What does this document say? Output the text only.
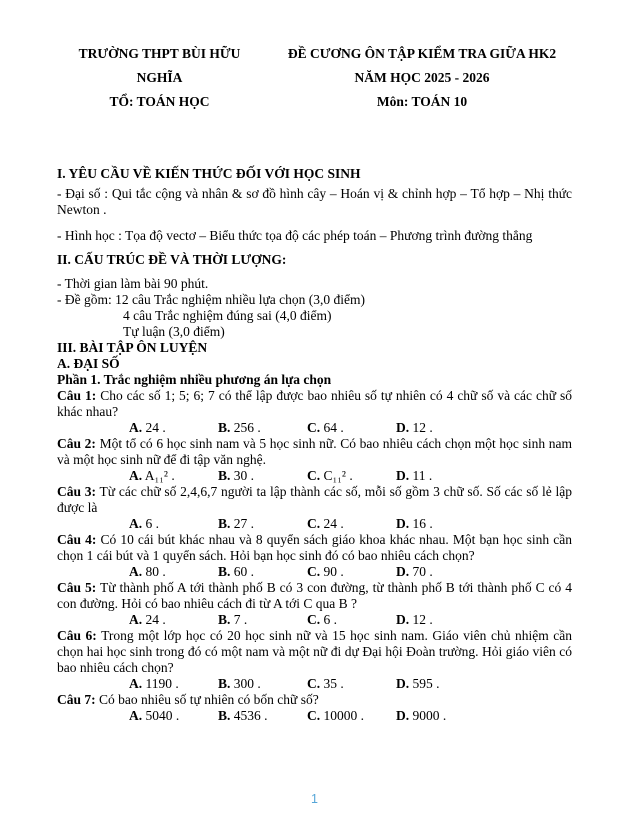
TRƯỜNG THPT BÙI HỮU NGHĨA
TỔ: TOÁN HỌC
ĐỀ CƯƠNG ÔN TẬP KIỂM TRA GIỮA HK2
NĂM HỌC 2025 - 2026
Môn: TOÁN 10
I. YÊU CẦU VỀ KIẾN THỨC ĐỐI VỚI HỌC SINH

- Đại số : Qui tắc cộng và nhân & sơ đồ hình cây – Hoán vị & chỉnh hợp – Tổ hợp – Nhị thức Newton .

- Hình học : Tọa độ vectơ – Biểu thức tọa độ các phép toán – Phương trình đường thẳng

II. CẤU TRÚC ĐỀ VÀ THỜI LƯỢNG:

- Thời gian làm bài 90 phút.

- Đề gồm: 12 câu Trắc nghiệm nhiều lựa chọn (3,0 điểm)

4 câu Trắc nghiệm đúng sai (4,0 điểm)

Tự luận (3,0 điểm)

III. BÀI TẬP ÔN LUYỆN
A. ĐẠI SỐ
Phần 1. Trắc nghiệm nhiều phương án lựa chọn

Câu 1: Cho các số 1; 5; 6; 7 có thể lập được bao nhiêu số tự nhiên có 4 chữ số và các chữ số khác nhau?

A. 24 .	B. 256 .	C. 64 .	D. 12 .

Câu 2: Một tổ có 6 học sinh nam và 5 học sinh nữ. Có bao nhiêu cách chọn một học sinh nam và một học sinh nữ để đi tập văn nghệ.

A. A₁₁² .	B. 30 .	C. C₁₁² .	D. 11 .

Câu 3: Từ các chữ số 2,4,6,7 người ta lập thành các số, mỗi số gồm 3 chữ số. Số các số lẻ lập được là

A. 6 .	B. 27 .	C. 24 .	D. 16 .

Câu 4: Có 10 cái bút khác nhau và 8 quyển sách giáo khoa khác nhau. Một bạn học sinh cần chọn 1 cái bút và 1 quyển sách. Hỏi bạn học sinh đó có bao nhiêu cách chọn?

A. 80 .	B. 60 .	C. 90 .	D. 70 .

Câu 5: Từ thành phố A tới thành phố B có 3 con đường, từ thành phố B tới thành phố C có 4 con đường. Hỏi có bao nhiêu cách đi từ A tới C qua B ?

A. 24 .	B. 7 .	C. 6 .	D. 12 .

Câu 6: Trong một lớp học có 20 học sinh nữ và 15 học sinh nam. Giáo viên chủ nhiệm cần chọn hai học sinh trong đó có một nam và một nữ đi dự Đại hội Đoàn trường. Hỏi giáo viên có bao nhiêu cách chọn?

A. 1190 .	B. 300 .	C. 35 .	D. 595 .

Câu 7: Có bao nhiêu số tự nhiên có bốn chữ số?

A. 5040 .	B. 4536 .	C. 10000 .	D. 9000 .
1
